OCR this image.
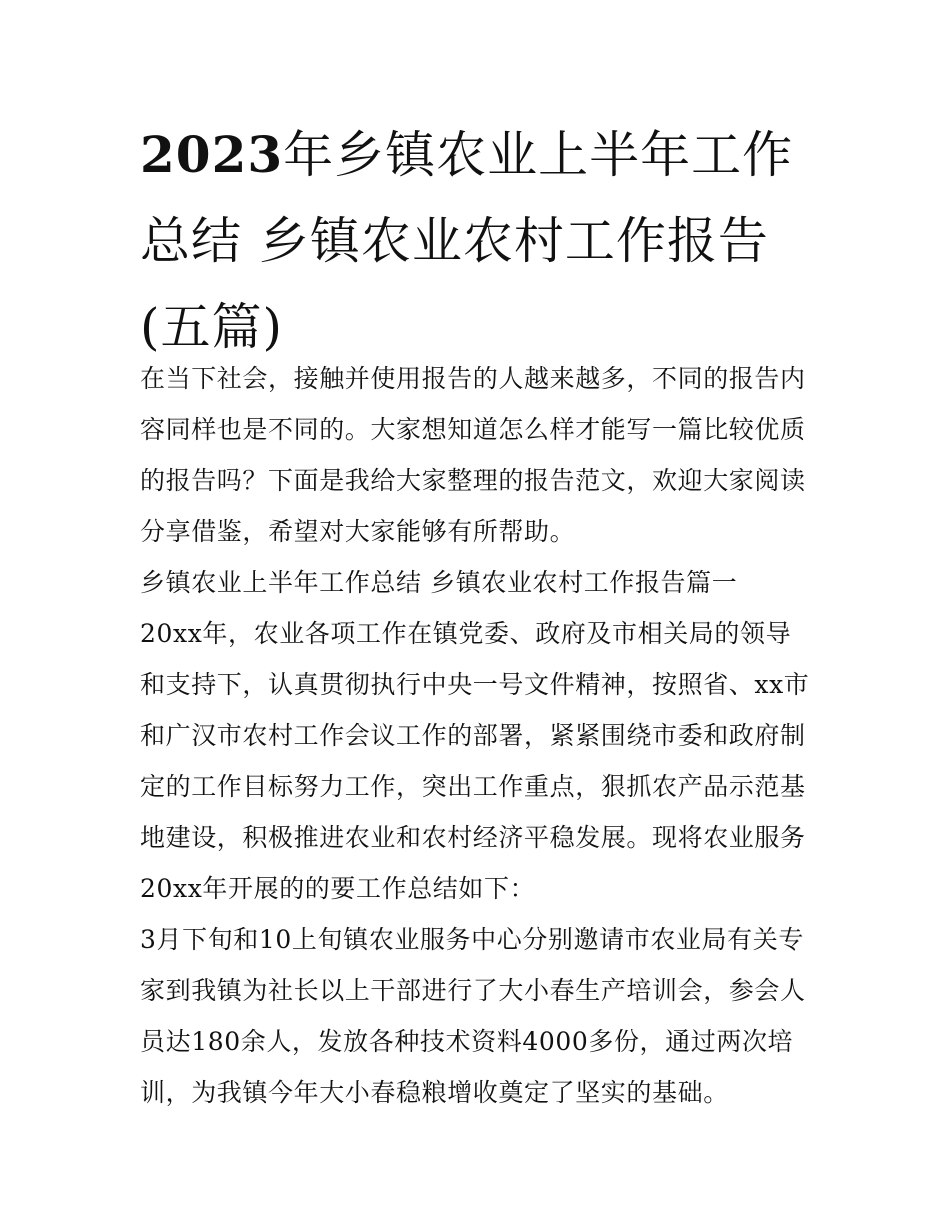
2023年乡镇农业上半年工作总结 乡镇农业农村工作报告(五篇)

在当下社会，接触并使用报告的人越来越多，不同的报告内容同样也是不同的。大家想知道怎么样才能写一篇比较优质的报告吗？下面是我给大家整理的报告范文，欢迎大家阅读分享借鉴，希望对大家能够有所帮助。

乡镇农业上半年工作总结 乡镇农业农村工作报告篇一

20xx年，农业各项工作在镇党委、政府及市相关局的领导和支持下，认真贯彻执行中央一号文件精神，按照省、xx市和广汉市农村工作会议工作的部署，紧紧围绕市委和政府制定的工作目标努力工作，突出工作重点，狠抓农产品示范基地建设，积极推进农业和农村经济平稳发展。现将农业服务20xx年开展的的要工作总结如下：

3月下旬和10上旬镇农业服务中心分别邀请市农业局有关专家到我镇为社长以上干部进行了大小春生产培训会，参会人员达180余人，发放各种技术资料4000多份，通过两次培训，为我镇今年大小春稳粮增收奠定了坚实的基础。
